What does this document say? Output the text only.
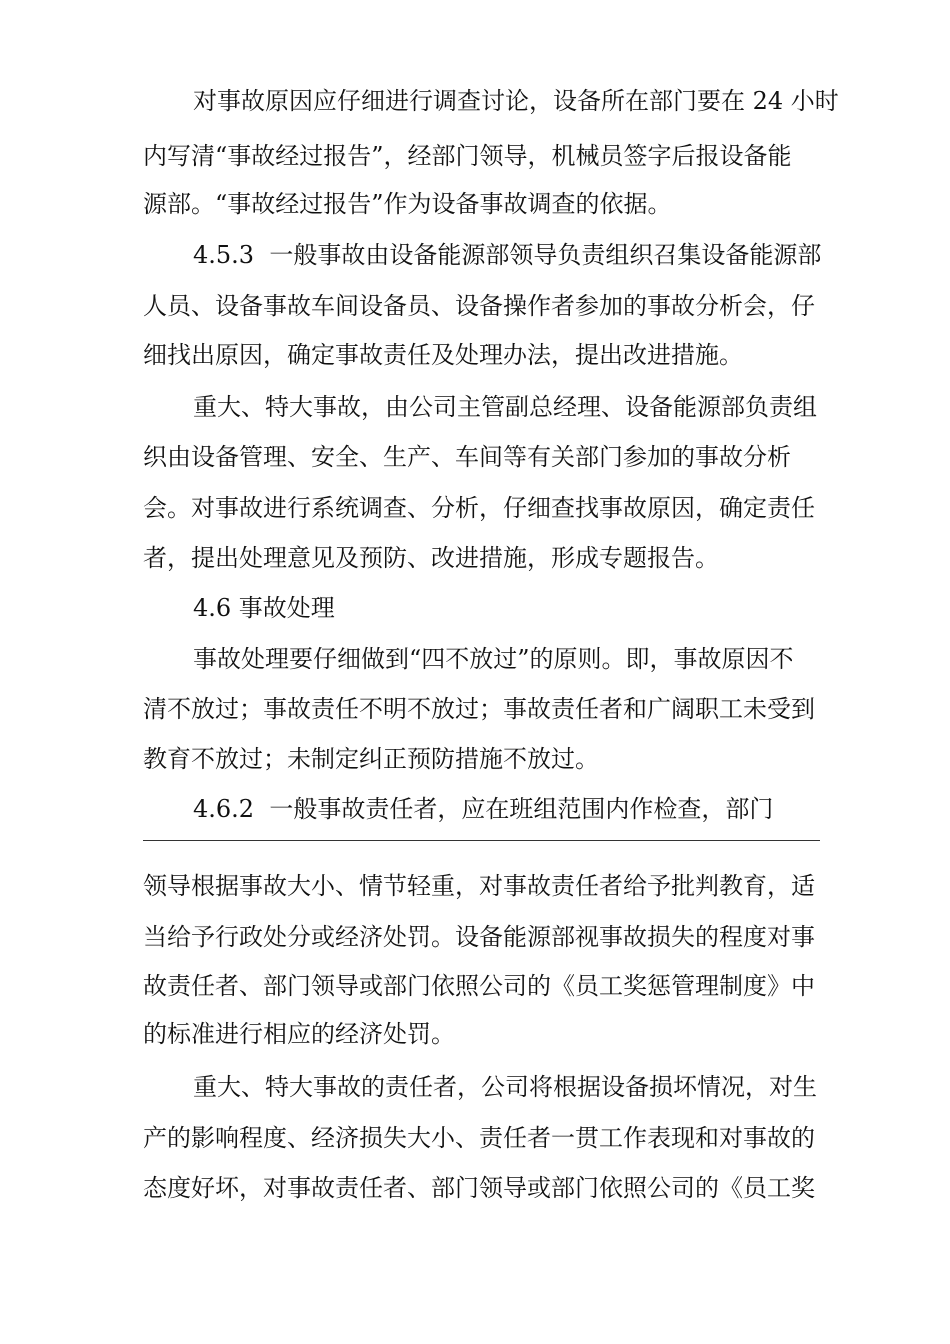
对事故原因应仔细进行调查讨论，设备所在部门要在 24 小时
内写清“事故经过报告”，经部门领导，机械员签字后报设备能
源部。“事故经过报告”作为设备事故调查的依据。
4.5.3  一般事故由设备能源部领导负责组织召集设备能源部
人员、设备事故车间设备员、设备操作者参加的事故分析会，仔
细找出原因，确定事故责任及处理办法，提出改进措施。
重大、特大事故，由公司主管副总经理、设备能源部负责组
织由设备管理、安全、生产、车间等有关部门参加的事故分析
会。对事故进行系统调查、分析，仔细查找事故原因，确定责任
者，提出处理意见及预防、改进措施，形成专题报告。
4.6 事故处理
事故处理要仔细做到“四不放过”的原则。即，事故原因不
清不放过；事故责任不明不放过；事故责任者和广阔职工未受到
教育不放过；未制定纠正预防措施不放过。
4.6.2  一般事故责任者，应在班组范围内作检查，部门
领导根据事故大小、情节轻重，对事故责任者给予批判教育，适
当给予行政处分或经济处罚。设备能源部视事故损失的程度对事
故责任者、部门领导或部门依照公司的《员工奖惩管理制度》中
的标准进行相应的经济处罚。
重大、特大事故的责任者，公司将根据设备损坏情况，对生
产的影响程度、经济损失大小、责任者一贯工作表现和对事故的
态度好坏，对事故责任者、部门领导或部门依照公司的《员工奖
